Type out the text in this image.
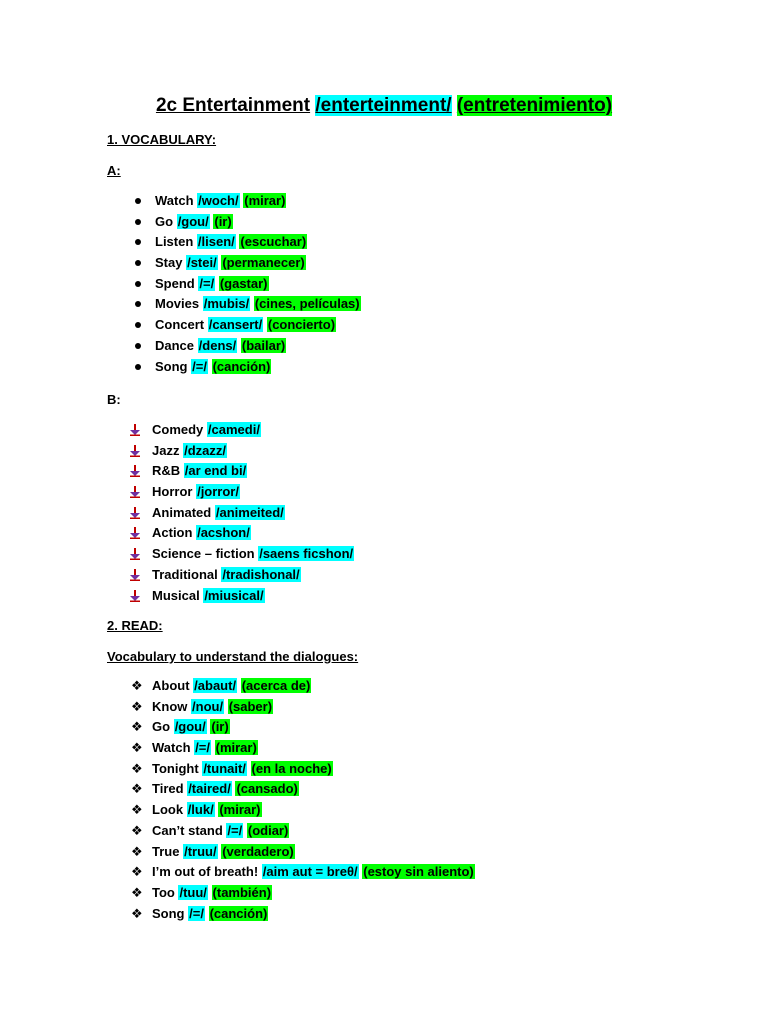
2c Entertainment /enterteinment/ (entretenimiento)
1. VOCABULARY:
A:
Watch /woch/ (mirar)
Go /gou/ (ir)
Listen /lisen/ (escuchar)
Stay /stei/ (permanecer)
Spend /=/ (gastar)
Movies /mubis/ (cines, películas)
Concert /cansert/ (concierto)
Dance /dens/ (bailar)
Song /=/ (canción)
B:
Comedy /camedi/
Jazz /dzazz/
R&B /ar end bi/
Horror /jorror/
Animated /animeited/
Action /acshon/
Science – fiction /saens ficshon/
Traditional /tradishonal/
Musical /miusical/
2. READ:
Vocabulary to understand the dialogues:
❖ About /abaut/ (acerca de)
❖ Know /nou/ (saber)
❖ Go /gou/ (ir)
❖ Watch /=/ (mirar)
❖ Tonight /tunait/ (en la noche)
❖ Tired /taired/ (cansado)
❖ Look /luk/ (mirar)
❖ Can’t stand /=/ (odiar)
❖ True /truu/ (verdadero)
❖ I’m out of breath! /aim aut = breθ/ (estoy sin aliento)
❖ Too /tuu/ (también)
❖ Song /=/ (canción)
